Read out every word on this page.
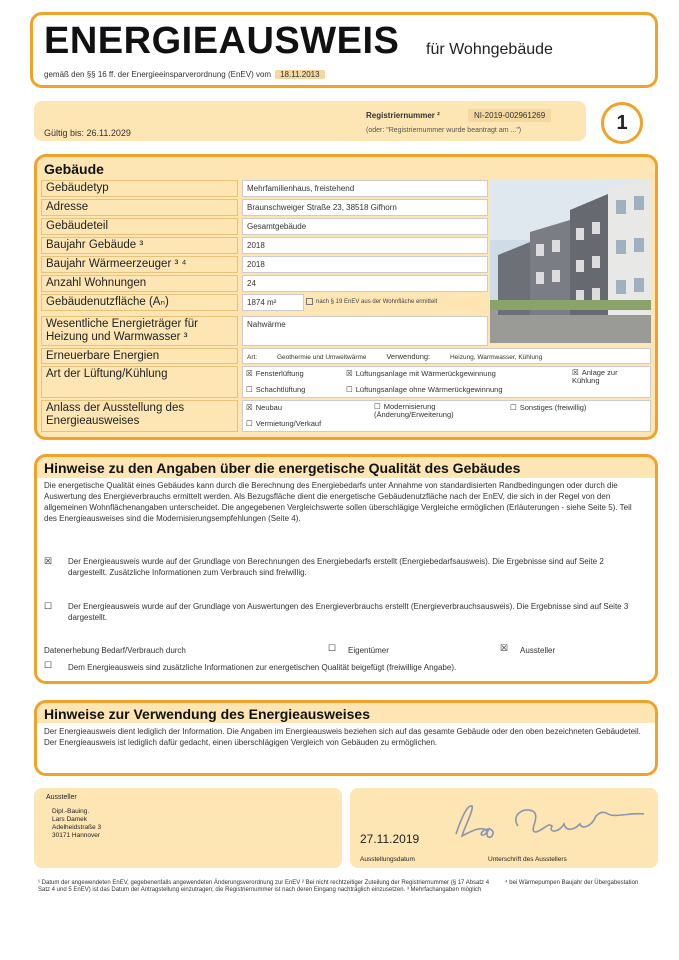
ENERGIEAUSWEIS für Wohngebäude
gemäß den §§ 16 ff. der Energieeinsparverordnung (EnEV) vom 18.11.2013
Registriernummer ²	NI-2019-002961269
(oder: "Registriernummer wurde beantragt am ...")
Gültig bis: 26.11.2029	1
Gebäude
Gebäudetyp	Mehrfamilienhaus, freistehend
Adresse	Braunschweiger Straße 23, 38518 Gifhorn
Gebäudeteil	Gesamtgebäude
Baujahr Gebäude ³	2018
Baujahr Wärmeerzeuger ³ ⁴	2018
Anzahl Wohnungen	24
Gebäudenutzfläche (Aₙ)	1874 m²	nach § 19 EnEV aus der Wohnfläche ermittelt
Wesentliche Energieträger für Heizung und Warmwasser ³
Nahwärme
Erneuerbare Energien	Art:	Geothermie und Umweltwärme	Verwendung:	Heizung, Warmwasser, Kühlung
Art der Lüftung/Kühlung	☒ Fensterlüftung	☒ Lüftungsanlage mit Wärmerückgewinnung	☒ Anlage zur Kühlung
☐ Schachtlüftung	☐ Lüftungsanlage ohne Wärmerückgewinnung
Anlass der Ausstellung des Energieausweises
☒ Neubau	☐ Modernisierung (Änderung/Erweiterung)
☐ Sonstiges (freiwillig)
☐ Vermietung/Verkauf
Hinweise zu den Angaben über die energetische Qualität des Gebäudes
Die energetische Qualität eines Gebäudes kann durch die Berechnung des Energiebedarfs unter Annahme von standardisierten Randbedingungen oder durch die Auswertung des Energieverbrauchs ermittelt werden. Als Bezugsfläche dient die energetische Gebäudenutzfläche nach der EnEV, die sich in der Regel von den allgemeinen Wohnflächenangaben unterscheidet. Die angegebenen Vergleichswerte sollen überschlägige Vergleiche ermöglichen (Erläuterungen - siehe Seite 5). Teil des Energieausweises sind die Modernisierungsempfehlungen (Seite 4).
☒ Der Energieausweis wurde auf der Grundlage von Berechnungen des Energiebedarfs erstellt (Energiebedarfsausweis). Die Ergebnisse sind auf Seite 2 dargestellt. Zusätzliche Informationen zum Verbrauch sind freiwillig.
☐ Der Energieausweis wurde auf der Grundlage von Auswertungen des Energieverbrauchs erstellt (Energieverbrauchsausweis). Die Ergebnisse sind auf Seite 3 dargestellt.
Datenerhebung Bedarf/Verbrauch durch	☐ Eigentümer	☒ Aussteller
☐ Dem Energieausweis sind zusätzliche Informationen zur energetischen Qualität beigefügt (freiwillige Angabe).
Hinweise zur Verwendung des Energieausweises
Der Energieausweis dient lediglich der Information. Die Angaben im Energieausweis beziehen sich auf das gesamte Gebäude oder den oben bezeichneten Gebäudeteil. Der Energieausweis ist lediglich dafür gedacht, einen überschlägigen Vergleich von Gebäuden zu ermöglichen.
Aussteller
Dipl.-Bauing.
Lars Damek
Adelheidstraße 3
30171 Hannover	27.11.2019
Ausstellungsdatum	Unterschrift des Ausstellers
¹ Datum der angewendeten EnEV, gegebenenfalls angewendeten Änderungsverordnung zur EnEV ² Bei nicht rechtzeitiger Zuteilung der Registriernummer (§ 17 Absatz 4 Satz 4 und 5 EnEV) ist das Datum der Antragstellung einzutragen; die Registriernummer ist nach deren Eingang nachträglich einzusetzen. ³ Mehrfachangaben möglich
⁴ bei Wärmepumpen Baujahr der Übergabestation
